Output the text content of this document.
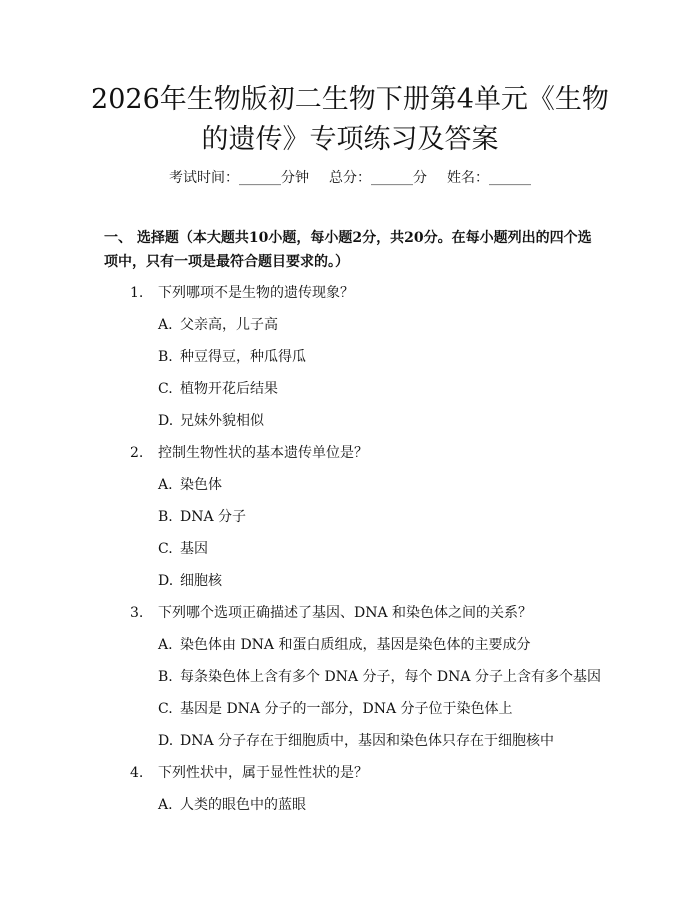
2026年生物版初二生物下册第4单元《生物
的遗传》专项练习及答案
考试时间：______分钟 总分：______分 姓名：______

一、 选择题（本大题共10小题，每小题2分，共20分。在每小题列出的四个选

项中，只有一项是最符合题目要求的。）

1. 下列哪项不是生物的遗传现象？
A. 父亲高，儿子高
B. 种豆得豆，种瓜得瓜
C. 植物开花后结果
D. 兄妹外貌相似
2. 控制生物性状的基本遗传单位是？
A. 染色体
B. DNA 分子
C. 基因
D. 细胞核
3. 下列哪个选项正确描述了基因、DNA 和染色体之间的关系？
A. 染色体由 DNA 和蛋白质组成，基因是染色体的主要成分
B. 每条染色体上含有多个 DNA 分子，每个 DNA 分子上含有多个基因
C. 基因是 DNA 分子的一部分，DNA 分子位于染色体上
D. DNA 分子存在于细胞质中，基因和染色体只存在于细胞核中
4. 下列性状中，属于显性性状的是？
A. 人类的眼色中的蓝眼
